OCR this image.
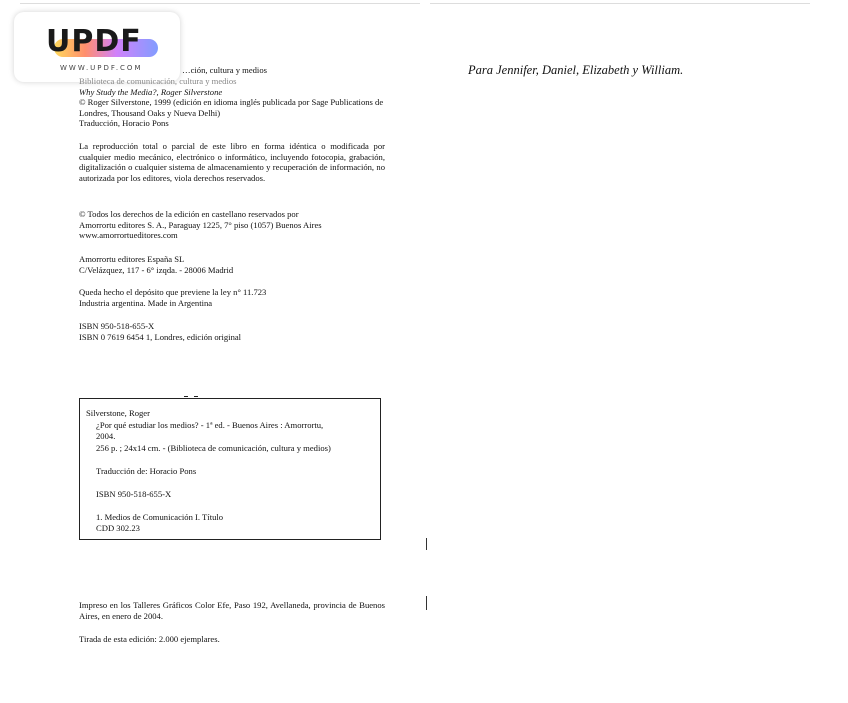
UPDF
WWW.UPDF.COM	…ción, cultura y medios

Biblioteca de comunicación, cultura y medios

Why Study the Media?, Roger Silverstone

© Roger Silverstone, 1999 (edición en idioma inglés publicada por Sage Publications de Londres, Thousand Oaks y Nueva Delhi)

Traducción, Horacio Pons

La reproducción total o parcial de este libro en forma idéntica o modificada por cualquier medio mecánico, electrónico o informático, incluyendo fotocopia, grabación, digitalización o cualquier sistema de almacenamiento y recuperación de información, no autorizada por los editores, viola derechos reservados.

© Todos los derechos de la edición en castellano reservados por

Amorrortu editores S. A., Paraguay 1225, 7° piso (1057) Buenos Aires

www.amorrortueditores.com

Amorrortu editores España SL

C/Velázquez, 117 - 6° izqda. - 28006 Madrid

Queda hecho el depósito que previene la ley n° 11.723

Industria argentina. Made in Argentina

ISBN 950-518-655-X

ISBN 0 7619 6454 1, Londres, edición original

Silverstone, Roger

¿Por qué estudiar los medios? - 1ª ed. - Buenos Aires : Amorrortu,

2004.

256 p. ; 24x14 cm. - (Biblioteca de comunicación, cultura y medios)

Traducción de: Horacio Pons

ISBN 950-518-655-X

1. Medios de Comunicación I. Título

CDD 302.23

Impreso en los Talleres Gráficos Color Efe, Paso 192, Avellaneda, provincia de Buenos Aires, en enero de 2004.

Tirada de esta edición: 2.000 ejemplares.

Para Jennifer, Daniel, Elizabeth y William.
